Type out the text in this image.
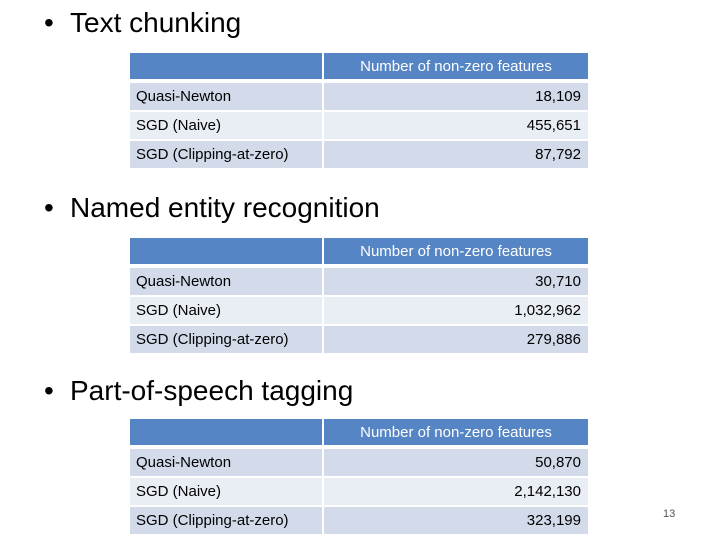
• Text chunking
	Number of non-zero features
Quasi-Newton	18,109
SGD (Naive)	455,651
SGD (Clipping-at-zero)	87,792
• Named entity recognition
	Number of non-zero features
Quasi-Newton	30,710
SGD (Naive)	1,032,962
SGD (Clipping-at-zero)	279,886
• Part-of-speech tagging
	Number of non-zero features
Quasi-Newton	50,870
SGD (Naive)	2,142,130
SGD (Clipping-at-zero)	323,199	13
